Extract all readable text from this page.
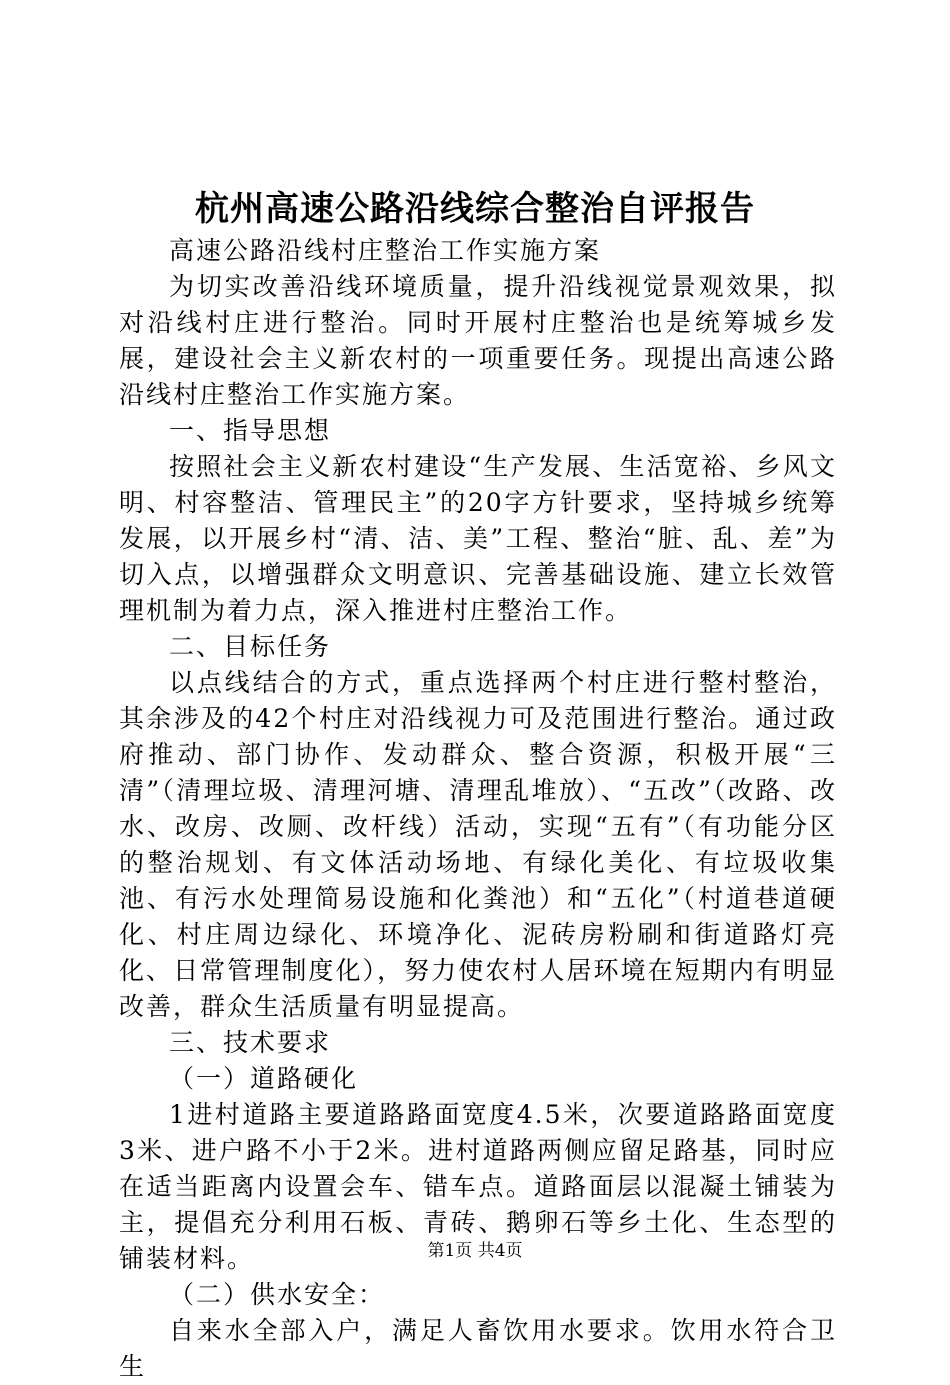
杭州高速公路沿线综合整治自评报告

高速公路沿线村庄整治工作实施方案

为切实改善沿线环境质量，提升沿线视觉景观效果，拟对沿线村庄进行整治。同时开展村庄整治也是统筹城乡发展，建设社会主义新农村的一项重要任务。现提出高速公路沿线村庄整治工作实施方案。

一、指导思想

按照社会主义新农村建设“生产发展、生活宽裕、乡风文明、村容整洁、管理民主”的20字方针要求，坚持城乡统筹发展，以开展乡村“清、洁、美”工程、整治“脏、乱、差”为切入点，以增强群众文明意识、完善基础设施、建立长效管理机制为着力点，深入推进村庄整治工作。

二、目标任务

以点线结合的方式，重点选择两个村庄进行整村整治，其余涉及的42个村庄对沿线视力可及范围进行整治。通过政府推动、部门协作、发动群众、整合资源，积极开展“三清”（清理垃圾、清理河塘、清理乱堆放）、“五改”（改路、改水、改房、改厕、改杆线）活动，实现“五有”（有功能分区的整治规划、有文体活动场地、有绿化美化、有垃圾收集池、有污水处理简易设施和化粪池）和“五化”（村道巷道硬化、村庄周边绿化、环境净化、泥砖房粉刷和街道路灯亮化、日常管理制度化），努力使农村人居环境在短期内有明显改善，群众生活质量有明显提高。

三、技术要求

（一）道路硬化

1进村道路主要道路路面宽度4.5米，次要道路路面宽度3米、进户路不小于2米。进村道路两侧应留足路基，同时应在适当距离内设置会车、错车点。道路面层以混凝土铺装为主，提倡充分利用石板、青砖、鹅卵石等乡土化、生态型的铺装材料。

（二）供水安全：

自来水全部入户，满足人畜饮用水要求。饮用水符合卫生

第1页 共4页
